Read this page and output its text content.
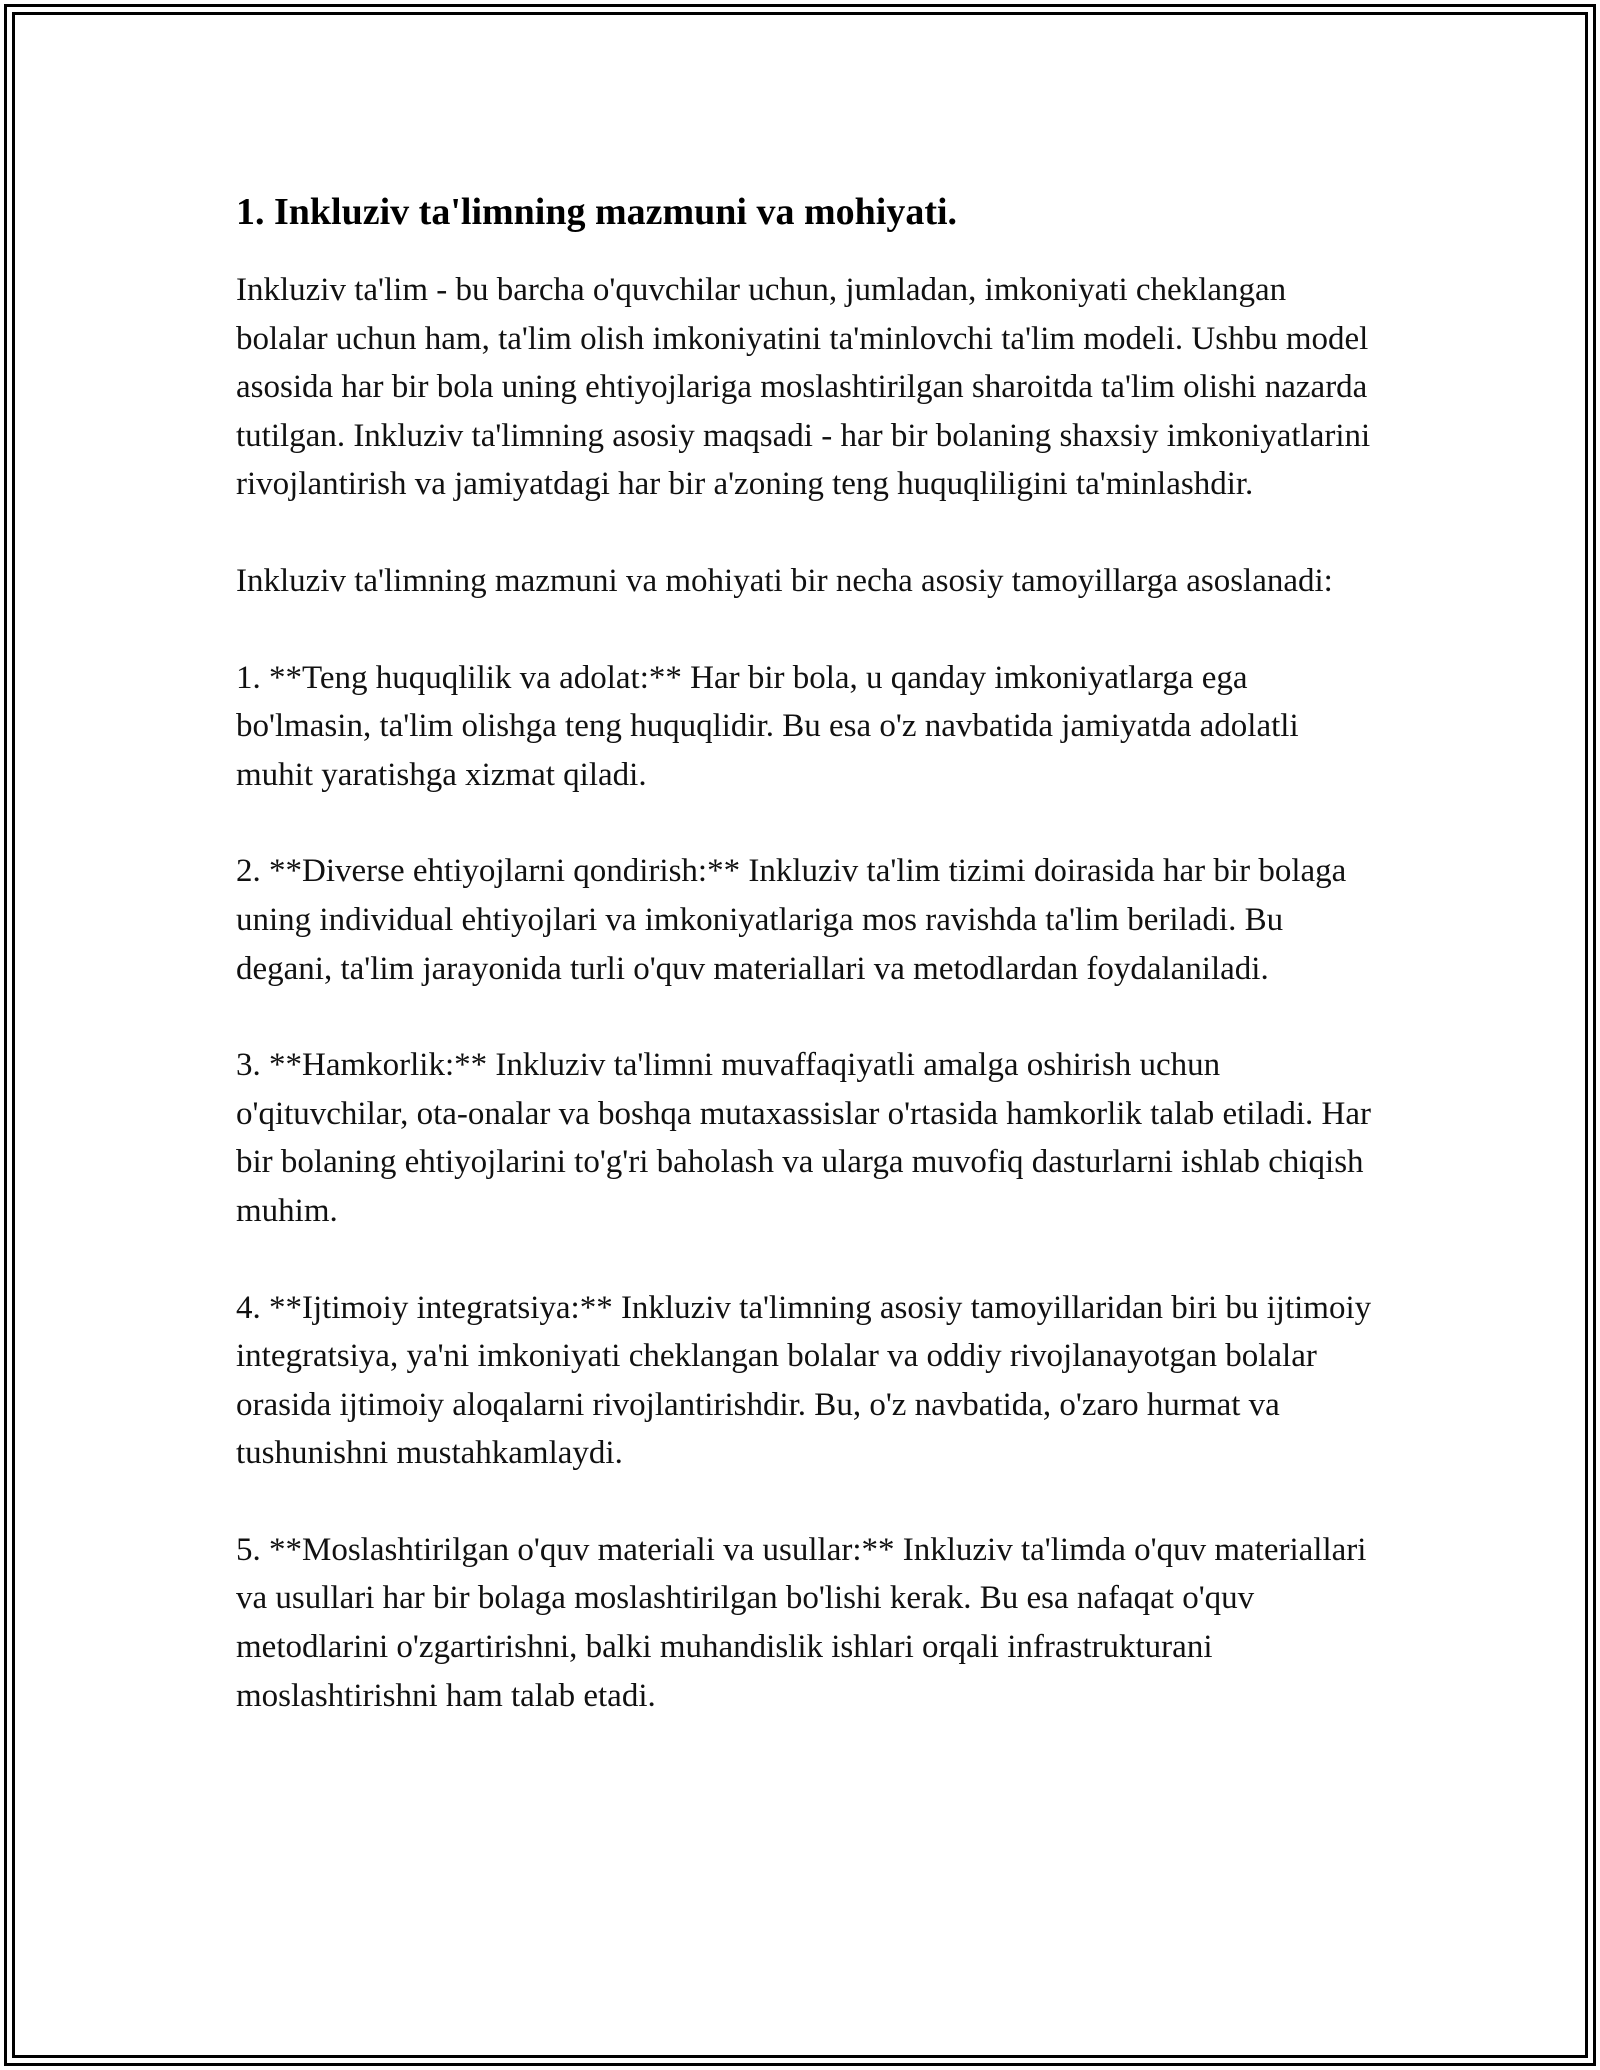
1. Inkluziv ta'limning mazmuni va mohiyati.

Inkluziv ta'lim - bu barcha o'quvchilar uchun, jumladan, imkoniyati cheklangan bolalar uchun ham, ta'lim olish imkoniyatini ta'minlovchi ta'lim modeli. Ushbu model asosida har bir bola uning ehtiyojlariga moslashtirilgan sharoitda ta'lim olishi nazarda tutilgan. Inkluziv ta'limning asosiy maqsadi - har bir bolaning shaxsiy imkoniyatlarini rivojlantirish va jamiyatdagi har bir a'zoning teng huquqliligini ta'minlashdir.

Inkluziv ta'limning mazmuni va mohiyati bir necha asosiy tamoyillarga asoslanadi:

1. **Teng huquqlilik va adolat:** Har bir bola, u qanday imkoniyatlarga ega bo'lmasin, ta'lim olishga teng huquqlidir. Bu esa o'z navbatida jamiyatda adolatli muhit yaratishga xizmat qiladi.

2. **Diverse ehtiyojlarni qondirish:** Inkluziv ta'lim tizimi doirasida har bir bolaga uning individual ehtiyojlari va imkoniyatlariga mos ravishda ta'lim beriladi. Bu degani, ta'lim jarayonida turli o'quv materiallari va metodlardan foydalaniladi.

3. **Hamkorlik:** Inkluziv ta'limni muvaffaqiyatli amalga oshirish uchun o'qituvchilar, ota-onalar va boshqa mutaxassislar o'rtasida hamkorlik talab etiladi. Har bir bolaning ehtiyojlarini to'g'ri baholash va ularga muvofiq dasturlarni ishlab chiqish muhim.

4. **Ijtimoiy integratsiya:** Inkluziv ta'limning asosiy tamoyillaridan biri bu ijtimoiy integratsiya, ya'ni imkoniyati cheklangan bolalar va oddiy rivojlanayotgan bolalar orasida ijtimoiy aloqalarni rivojlantirishdir. Bu, o'z navbatida, o'zaro hurmat va tushunishni mustahkamlaydi.

5. **Moslashtirilgan o'quv materiali va usullar:** Inkluziv ta'limda o'quv materiallari va usullari har bir bolaga moslashtirilgan bo'lishi kerak. Bu esa nafaqat o'quv metodlarini o'zgartirishni, balki muhandislik ishlari orqali infrastrukturani moslashtirishni ham talab etadi.
